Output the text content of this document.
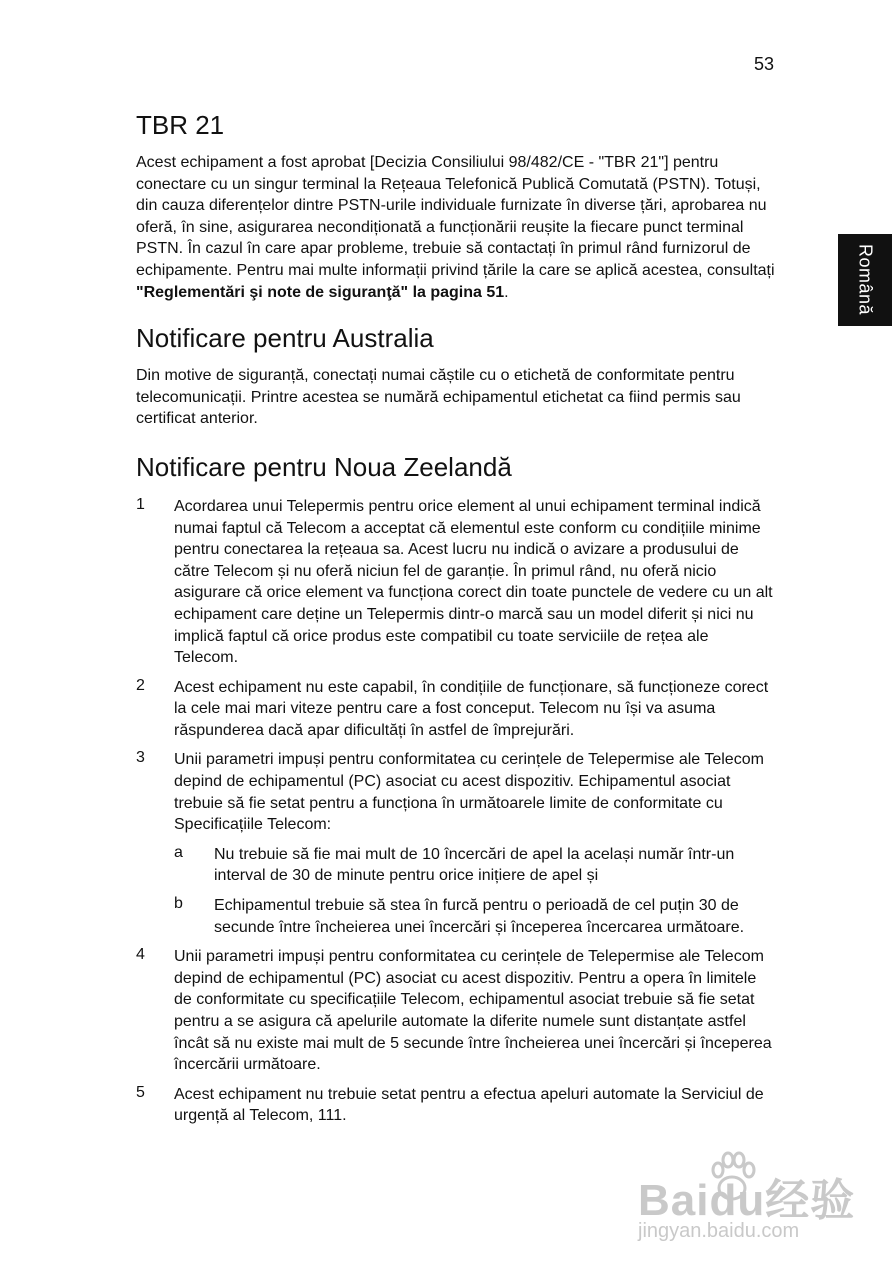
53
Română
TBR 21

Acest echipament a fost aprobat [Decizia Consiliului 98/482/CE - "TBR 21"] pentru conectare cu un singur terminal la Rețeaua Telefonică Publică Comutată (PSTN). Totuși, din cauza diferențelor dintre PSTN-urile individuale furnizate în diverse țări, aprobarea nu oferă, în sine, asigurarea necondiționată a funcționării reușite la fiecare punct terminal PSTN. În cazul în care apar probleme, trebuie să contactați în primul rând furnizorul de echipamente. Pentru mai multe informații privind țările la care se aplică acestea, consultați "Reglementări şi note de siguranţă" la pagina 51.

Notificare pentru Australia

Din motive de siguranță, conectați numai căștile cu o etichetă de conformitate pentru telecomunicații. Printre acestea se numără echipamentul etichetat ca fiind permis sau certificat anterior.

Notificare pentru Noua Zeelandă
1 Acordarea unui Telepermis pentru orice element al unui echipament terminal indică numai faptul că Telecom a acceptat că elementul este conform cu condițiile minime pentru conectarea la rețeaua sa. Acest lucru nu indică o avizare a produsului de către Telecom și nu oferă niciun fel de garanție. În primul rând, nu oferă nicio asigurare că orice element va funcționa corect din toate punctele de vedere cu un alt echipament care deține un Telepermis dintr-o marcă sau un model diferit și nici nu implică faptul că orice produs este compatibil cu toate serviciile de rețea ale Telecom.

2 Acest echipament nu este capabil, în condițiile de funcționare, să funcționeze corect la cele mai mari viteze pentru care a fost conceput. Telecom nu își va asuma răspunderea dacă apar dificultăți în astfel de împrejurări.

3 Unii parametri impuși pentru conformitatea cu cerințele de Telepermise ale Telecom depind de echipamentul (PC) asociat cu acest dispozitiv. Echipamentul asociat trebuie să fie setat pentru a funcționa în următoarele limite de conformitate cu Specificațiile Telecom:

a Nu trebuie să fie mai mult de 10 încercări de apel la același număr într-un interval de 30 de minute pentru orice inițiere de apel și

b Echipamentul trebuie să stea în furcă pentru o perioadă de cel puțin 30 de secunde între încheierea unei încercări și începerea încercarea următoare.

4 Unii parametri impuși pentru conformitatea cu cerințele de Telepermise ale Telecom depind de echipamentul (PC) asociat cu acest dispozitiv. Pentru a opera în limitele de conformitate cu specificațiile Telecom, echipamentul asociat trebuie să fie setat pentru a se asigura că apelurile automate la diferite numele sunt distanțate astfel încât să nu existe mai mult de 5 secunde între încheierea unei încercări și începerea încercării următoare.

5 Acest echipament nu trebuie setat pentru a efectua apeluri automate la Serviciul de urgență al Telecom, 111.

Baidu经验
jingyan.baidu.com
